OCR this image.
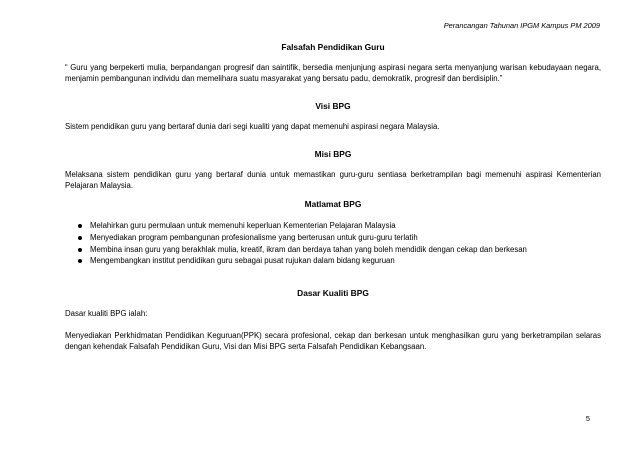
Perancangan Tahunan IPGM Kampus PM 2009

Falsafah Pendidikan Guru

“ Guru yang berpekerti mulia, berpandangan progresif dan saintifik, bersedia menjunjung aspirasi negara serta menyanjung warisan kebudayaan negara, menjamin pembangunan individu dan memelihara suatu masyarakat yang bersatu padu, demokratik, progresif dan berdisiplin.”

Visi BPG

Sistem pendidikan guru yang bertaraf dunia dari segi kualiti yang dapat memenuhi aspirasi negara Malaysia.

Misi BPG

Melaksana sistem pendidikan guru yang bertaraf dunia untuk memastikan guru-guru sentiasa berketrampilan bagi memenuhi aspirasi Kementerian Pelajaran Malaysia.

Matlamat BPG

Melahirkan guru permulaan untuk memenuhi keperluan Kementerian Pelajaran Malaysia
Menyediakan program pembangunan profesionalisme yang berterusan untuk guru-guru terlatih
Membina insan guru yang berakhlak mulia, kreatif, ikram dan berdaya tahan yang boleh mendidik dengan cekap dan berkesan
Mengembangkan institut pendidikan guru sebagai pusat rujukan dalam bidang keguruan

Dasar Kualiti BPG

Dasar kualiti BPG ialah:

Menyediakan Perkhidmatan Pendidikan Keguruan(PPK) secara profesional, cekap dan berkesan untuk menghasilkan guru yang berketrampilan selaras dengan kehendak Falsafah Pendidikan Guru, Visi dan Misi BPG serta Falsafah Pendidikan Kebangsaan.

5
